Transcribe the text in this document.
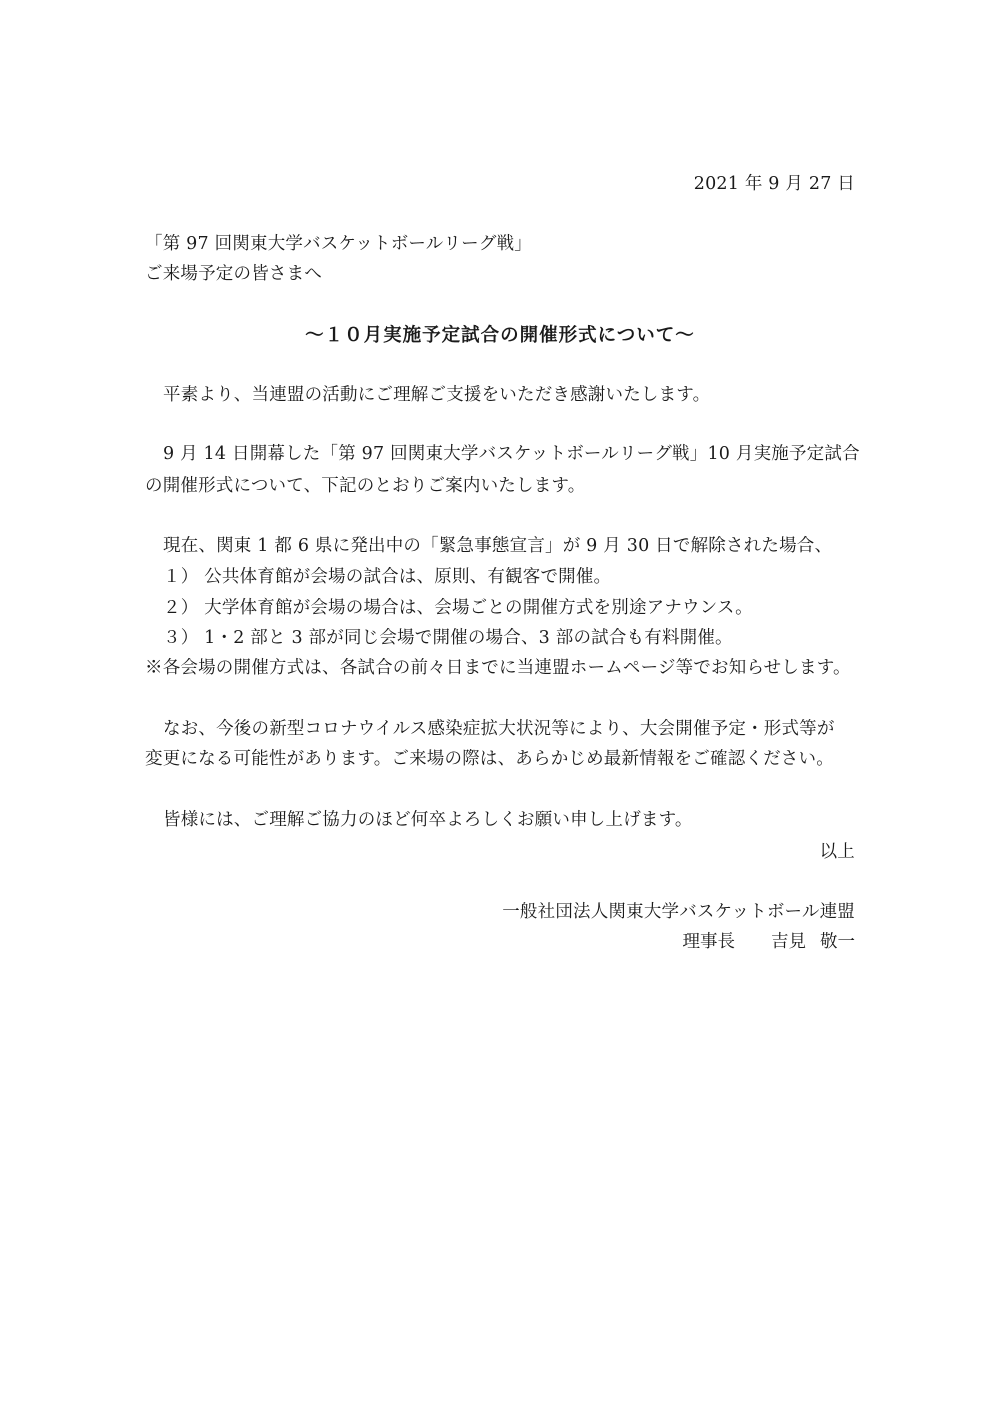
2021 年 9 月 27 日
「第 97 回関東大学バスケットボールリーグ戦」
ご来場予定の皆さまへ
～１０月実施予定試合の開催形式について～
平素より、当連盟の活動にご理解ご支援をいただき感謝いたします。
9 月 14 日開幕した「第 97 回関東大学バスケットボールリーグ戦」10 月実施予定試合
の開催形式について、下記のとおりご案内いたします。
現在、関東 1 都 6 県に発出中の「緊急事態宣言」が 9 月 30 日で解除された場合、
１） 公共体育館が会場の試合は、原則、有観客で開催。
２） 大学体育館が会場の場合は、会場ごとの開催方式を別途アナウンス。
３） 1・2 部と 3 部が同じ会場で開催の場合、3 部の試合も有料開催。
※各会場の開催方式は、各試合の前々日までに当連盟ホームページ等でお知らせします。
なお、今後の新型コロナウイルス感染症拡大状況等により、大会開催予定・形式等が
変更になる可能性があります。ご来場の際は、あらかじめ最新情報をご確認ください。
皆様には、ご理解ご協力のほど何卒よろしくお願い申し上げます。
以上
一般社団法人関東大学バスケットボール連盟
理事長 吉見 敬一
